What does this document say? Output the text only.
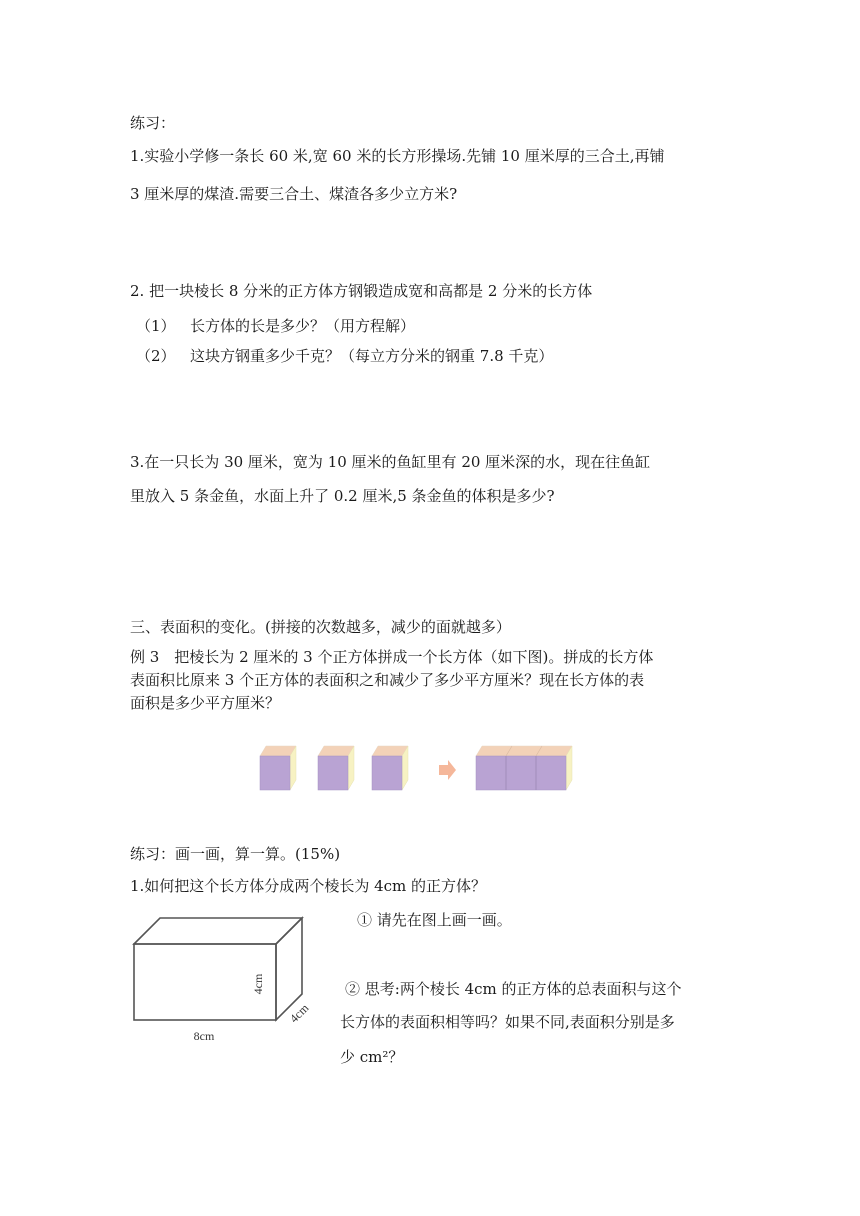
练习：

1.实验小学修一条长 60 米,宽 60 米的长方形操场.先铺 10 厘米厚的三合土,再铺

3 厘米厚的煤渣.需要三合土、煤渣各多少立方米?

2. 把一块棱长 8 分米的正方体方钢锻造成宽和高都是 2 分米的长方体

（1） 长方体的长是多少？（用方程解）

（2） 这块方钢重多少千克？（每立方分米的钢重 7.8 千克）

3.在一只长为 30 厘米，宽为 10 厘米的鱼缸里有 20 厘米深的水，现在往鱼缸

里放入 5 条金鱼，水面上升了 0.2 厘米,5 条金鱼的体积是多少?

三、表面积的变化。(拼接的次数越多，减少的面就越多）

例 3　把棱长为 2 厘米的 3 个正方体拼成一个长方体（如下图)。拼成的长方体

表面积比原来 3 个正方体的表面积之和减少了多少平方厘米？现在长方体的表

面积是多少平方厘米？

练习：画一画，算一算。(15%)

1.如何把这个长方体分成两个棱长为 4cm 的正方体？

4cm
4cm
8cm

① 请先在图上画一画。

② 思考:两个棱长 4cm 的正方体的总表面积与这个

长方体的表面积相等吗？如果不同,表面积分别是多

少 cm²？
